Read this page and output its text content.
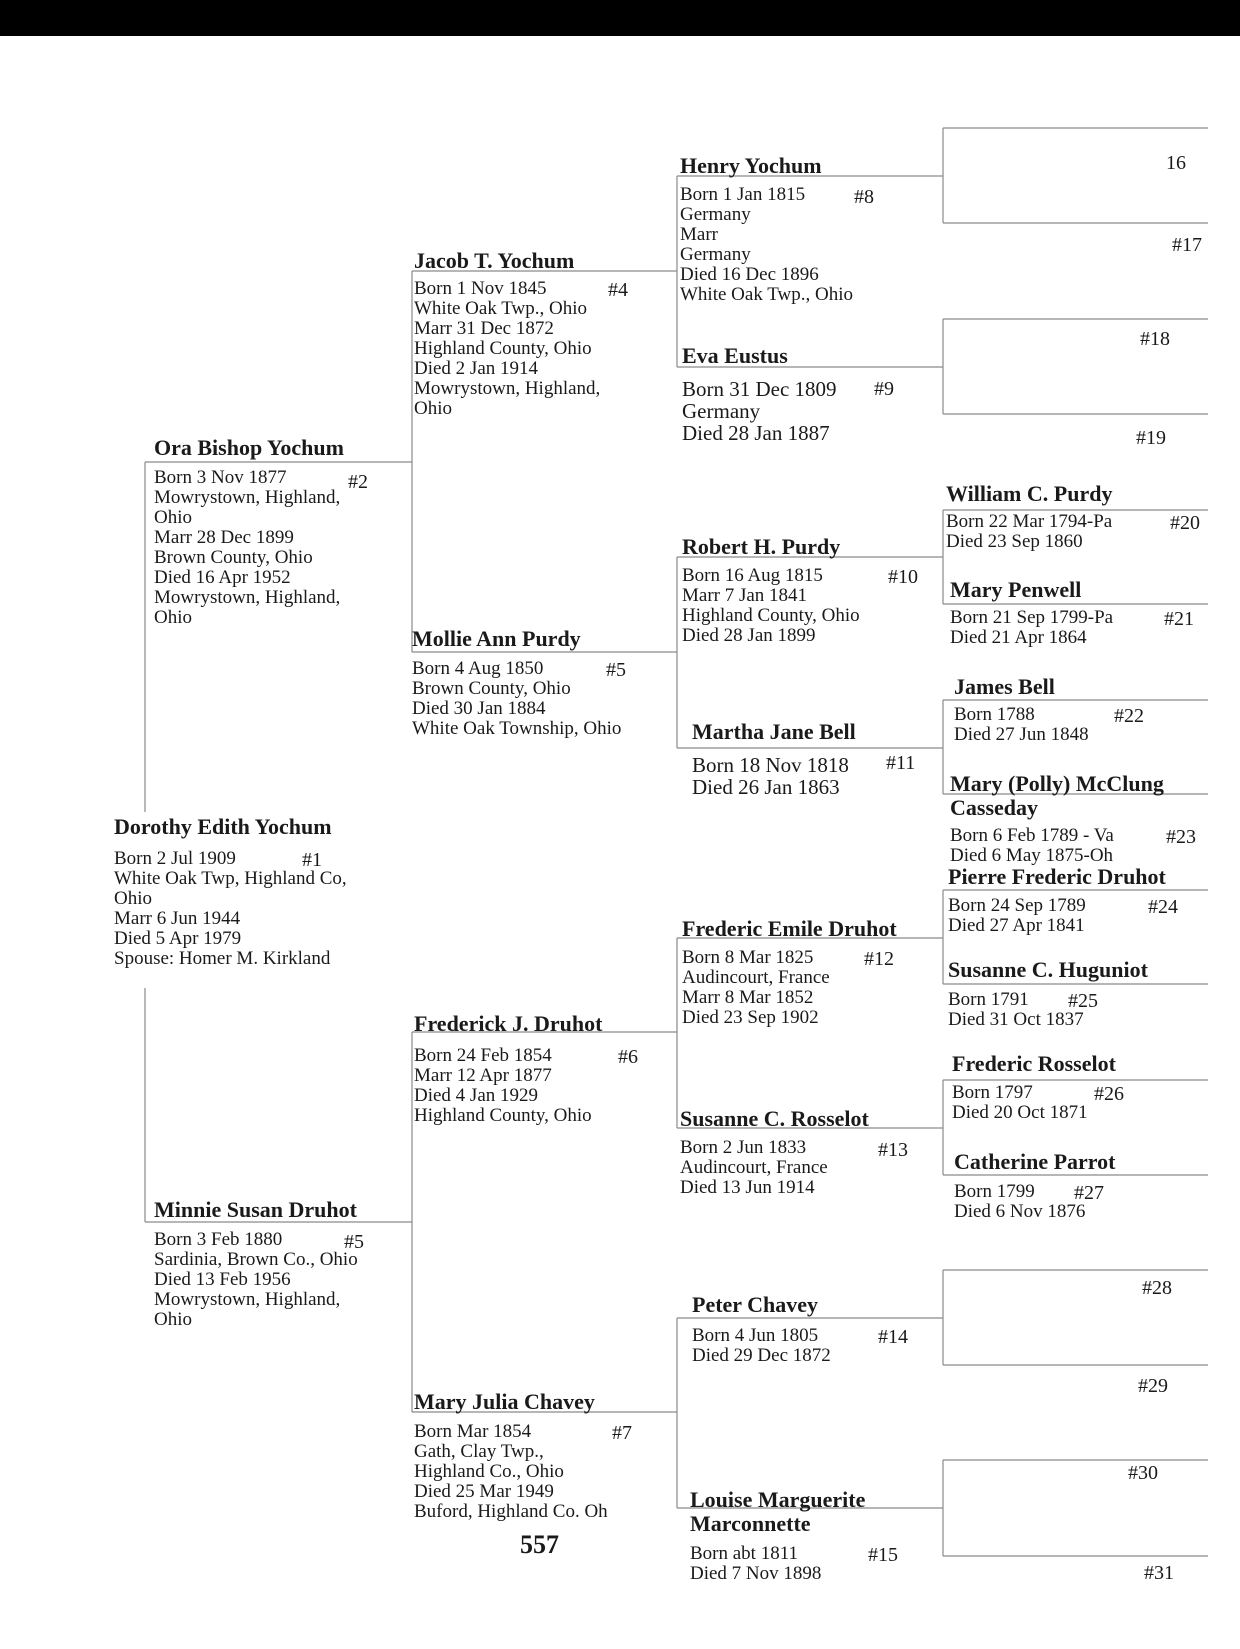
Dorothy Edith Yochum
Born 2 Jul 1909
White Oak Twp, Highland Co,
Ohio
Marr 6 Jun 1944
Died 5 Apr 1979
Spouse: Homer M. Kirkland
#1
Ora Bishop Yochum
Born 3 Nov 1877
Mowrystown, Highland,
Ohio
Marr 28 Dec 1899
Brown County, Ohio
Died 16 Apr 1952
Mowrystown, Highland,
Ohio
#2
Minnie Susan Druhot
Born 3 Feb 1880
Sardinia, Brown Co., Ohio
Died 13 Feb 1956
Mowrystown, Highland,
Ohio
#5
Jacob T. Yochum
Born 1 Nov 1845
White Oak Twp., Ohio
Marr 31 Dec 1872
Highland County, Ohio
Died 2 Jan 1914
Mowrystown, Highland,
Ohio
#4
Mollie Ann Purdy
Born 4 Aug 1850
Brown County, Ohio
Died 30 Jan 1884
White Oak Township, Ohio
#5
Frederick J. Druhot
Born 24 Feb 1854
Marr 12 Apr 1877
Died 4 Jan 1929
Highland County, Ohio
#6
Mary Julia Chavey
Born Mar 1854
Gath, Clay Twp.,
Highland Co., Ohio
Died 25 Mar 1949
Buford, Highland Co. Oh
#7
Henry Yochum
Born 1 Jan 1815
Germany
Marr
Germany
Died 16 Dec 1896
White Oak Twp., Ohio
#8
Eva Eustus
Born 31 Dec 1809
Germany
Died 28 Jan 1887
#9
Robert H. Purdy
Born 16 Aug 1815
Marr 7 Jan 1841
Highland County, Ohio
Died 28 Jan 1899
#10
Martha Jane Bell
Born 18 Nov 1818
Died 26 Jan 1863
#11
Frederic Emile Druhot
Born 8 Mar 1825
Audincourt, France
Marr 8 Mar 1852
Died 23 Sep 1902
#12
Susanne C. Rosselot
Born 2 Jun 1833
Audincourt, France
Died 13 Jun 1914
#13
Peter Chavey
Born 4 Jun 1805
Died 29 Dec 1872
#14
Louise Marguerite
Marconnette
Born abt 1811
Died 7 Nov 1898
#15
William C. Purdy
Born 22 Mar 1794-Pa
Died 23 Sep 1860
#20
Mary Penwell
Born 21 Sep 1799-Pa
Died 21 Apr 1864
#21
James Bell
Born 1788
Died 27 Jun 1848
#22
Mary (Polly) McClung
Casseday
Born 6 Feb 1789 - Va
Died 6 May 1875-Oh
#23
Pierre Frederic Druhot
Born 24 Sep 1789
Died 27 Apr 1841
#24
Susanne C. Huguniot
Born 1791
Died 31 Oct 1837
#25
Frederic Rosselot
Born 1797
Died 20 Oct 1871
#26
Catherine Parrot
Born 1799
Died 6 Nov 1876
#27
16
#17
#18
#19
#28
#29
#30
#31
557
